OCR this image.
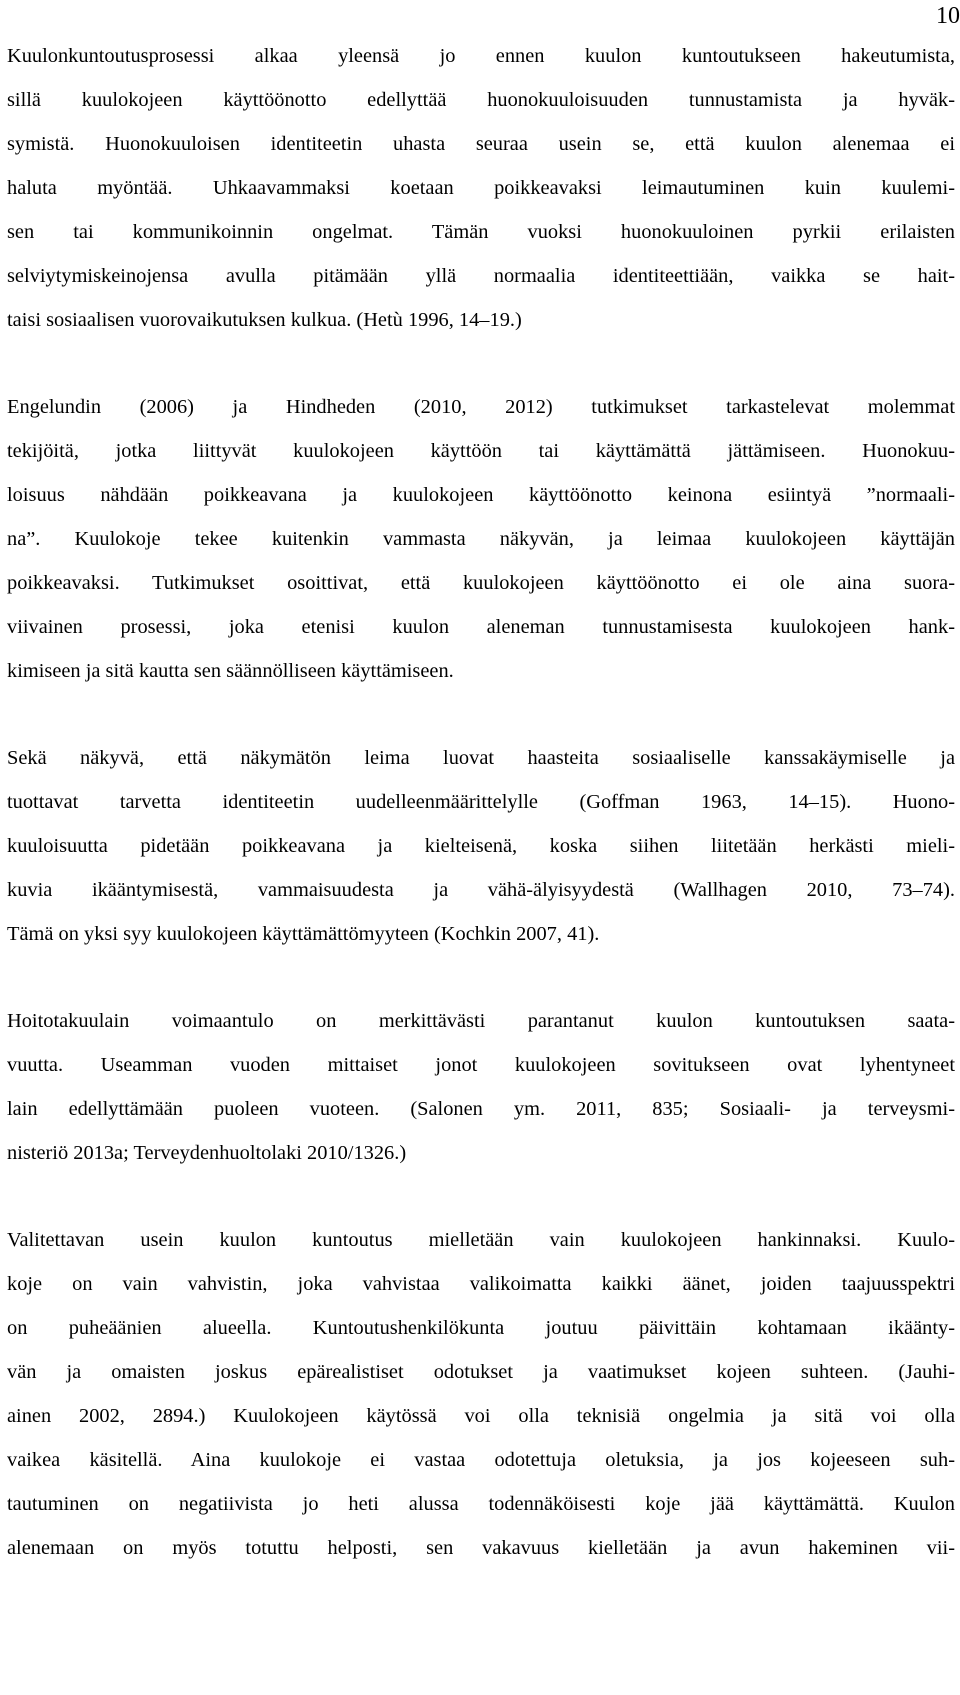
10
Kuulonkuntoutusprosessi alkaa yleensä jo ennen kuulon kuntoutukseen hakeutumista,
sillä kuulokojeen käyttöönotto edellyttää huonokuuloisuuden tunnustamista ja hyväk-
symistä. Huonokuuloisen identiteetin uhasta seuraa usein se, että kuulon alenemaa ei
haluta myöntää. Uhkaavammaksi koetaan poikkeavaksi leimautuminen kuin kuulemi-
sen tai kommunikoinnin ongelmat. Tämän vuoksi huonokuuloinen pyrkii erilaisten
selviytymiskeinojensa avulla pitämään yllä normaalia identiteettiään, vaikka se hait-
taisi sosiaalisen vuorovaikutuksen kulkua. (Hetù 1996, 14–19.)
Engelundin (2006) ja Hindheden (2010, 2012) tutkimukset tarkastelevat molemmat
tekijöitä, jotka liittyvät kuulokojeen käyttöön tai käyttämättä jättämiseen. Huonokuu-
loisuus nähdään poikkeavana ja kuulokojeen käyttöönotto keinona esiintyä ”normaali-
na”. Kuulokoje tekee kuitenkin vammasta näkyvän, ja leimaa kuulokojeen käyttäjän
poikkeavaksi. Tutkimukset osoittivat, että kuulokojeen käyttöönotto ei ole aina suora-
viivainen prosessi, joka etenisi kuulon aleneman tunnustamisesta kuulokojeen hank-
kimiseen ja sitä kautta sen säännölliseen käyttämiseen.
Sekä näkyvä, että näkymätön leima luovat haasteita sosiaaliselle kanssakäymiselle ja
tuottavat tarvetta identiteetin uudelleenmäärittelylle (Goffman 1963, 14–15). Huono-
kuuloisuutta pidetään poikkeavana ja kielteisenä, koska siihen liitetään herkästi mieli-
kuvia ikääntymisestä, vammaisuudesta ja vähä-älyisyydestä (Wallhagen 2010, 73–74).
Tämä on yksi syy kuulokojeen käyttämättömyyteen (Kochkin 2007, 41).
Hoitotakuulain voimaantulo on merkittävästi parantanut kuulon kuntoutuksen saata-
vuutta. Useamman vuoden mittaiset jonot kuulokojeen sovitukseen ovat lyhentyneet
lain edellyttämään puoleen vuoteen. (Salonen ym. 2011, 835; Sosiaali- ja terveysmi-
nisteriö 2013a; Terveydenhuoltolaki 2010/1326.)
Valitettavan usein kuulon kuntoutus mielletään vain kuulokojeen hankinnaksi. Kuulo-
koje on vain vahvistin, joka vahvistaa valikoimatta kaikki äänet, joiden taajuusspektri
on puheäänien alueella. Kuntoutushenkilökunta joutuu päivittäin kohtamaan ikäänty-
vän ja omaisten joskus epärealistiset odotukset ja vaatimukset kojeen suhteen. (Jauhi-
ainen 2002, 2894.) Kuulokojeen käytössä voi olla teknisiä ongelmia ja sitä voi olla
vaikea käsitellä. Aina kuulokoje ei vastaa odotettuja oletuksia, ja jos kojeeseen suh-
tautuminen on negatiivista jo heti alussa todennäköisesti koje jää käyttämättä. Kuulon
alenemaan on myös totuttu helposti, sen vakavuus kielletään ja avun hakeminen vii-
